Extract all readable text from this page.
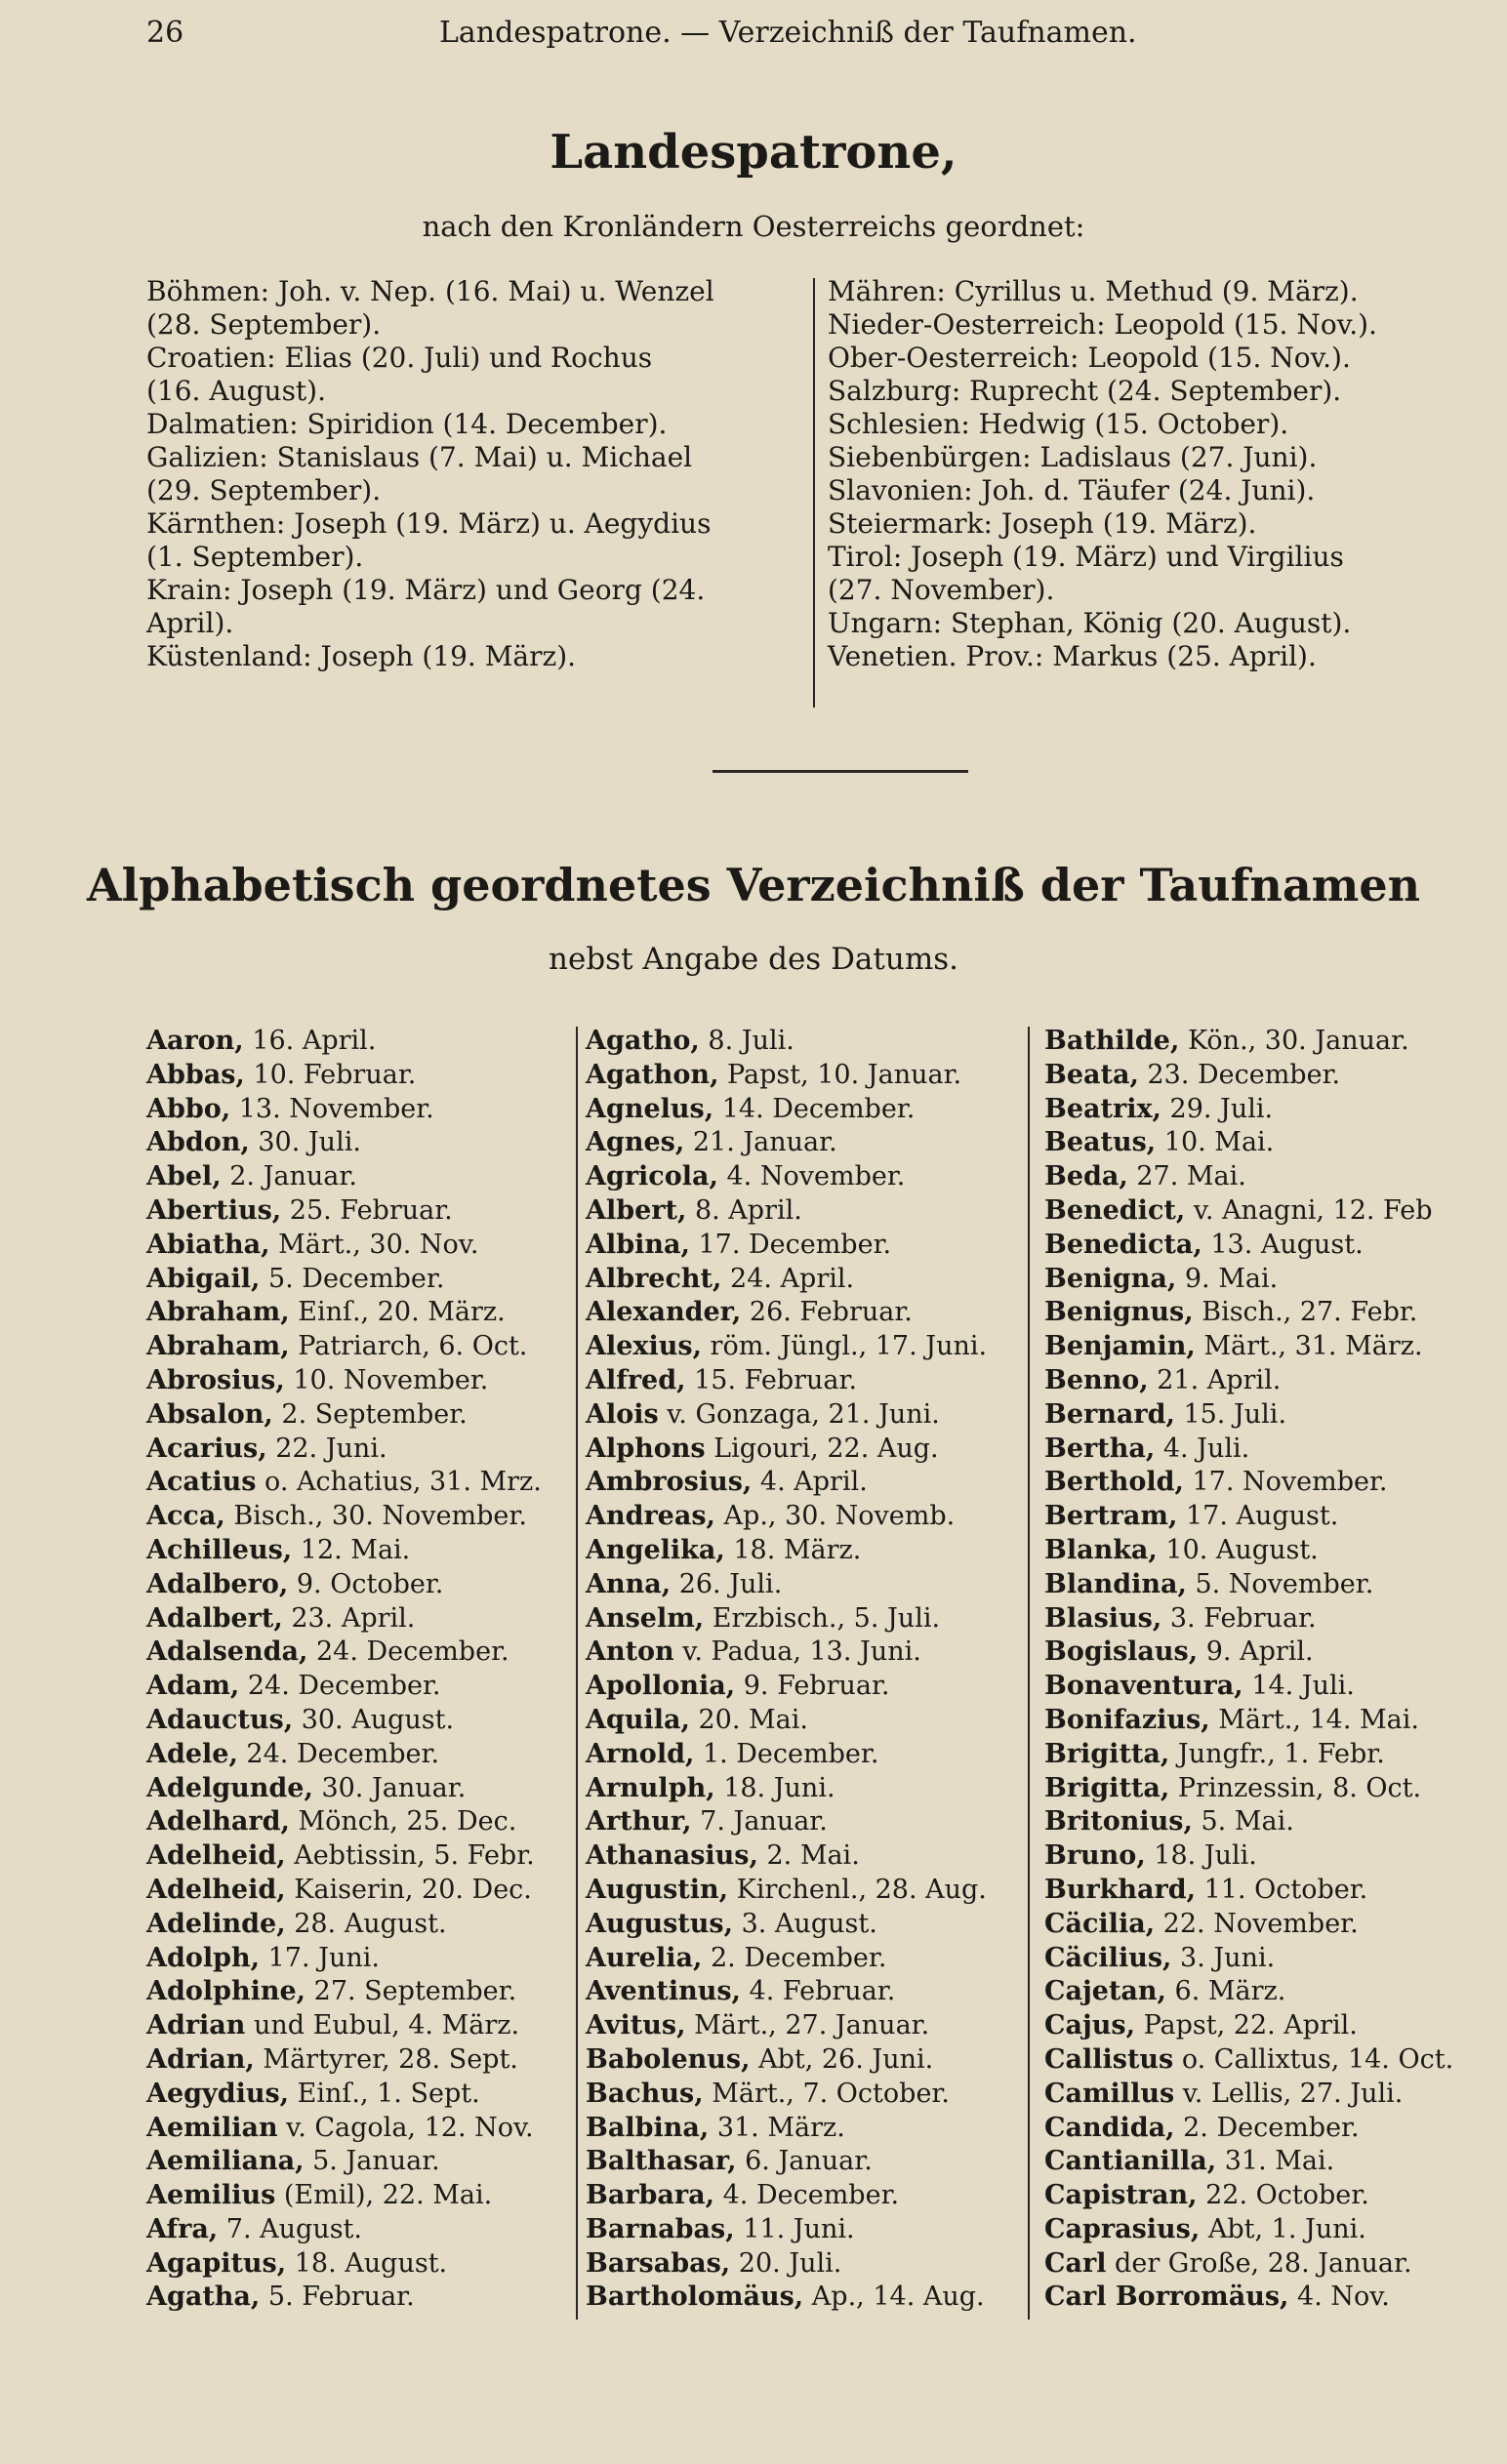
26	Landespatrone. — Verzeichniß der Taufnamen.
Landespatrone,
nach den Kronländern Oesterreichs geordnet:
Böhmen: Joh. v. Nep. (16. Mai) u. Wenzel
(28. September).
Croatien: Elias (20. Juli) und Rochus
(16. August).
Dalmatien: Spiridion (14. December).
Galizien: Stanislaus (7. Mai) u. Michael
(29. September).
Kärnthen: Joseph (19. März) u. Aegydius
(1. September).
Krain: Joseph (19. März) und Georg (24.
April).
Küstenland: Joseph (19. März).
Mähren: Cyrillus u. Methud (9. März).
Nieder-Oesterreich: Leopold (15. Nov.).
Ober-Oesterreich: Leopold (15. Nov.).
Salzburg: Ruprecht (24. September).
Schlesien: Hedwig (15. October).
Siebenbürgen: Ladislaus (27. Juni).
Slavonien: Joh. d. Täufer (24. Juni).
Steiermark: Joseph (19. März).
Tirol: Joseph (19. März) und Virgilius
(27. November).
Ungarn: Stephan, König (20. August).
Venetien. Prov.: Markus (25. April).
Alphabetisch geordnetes Verzeichniß der Taufnamen
nebst Angabe des Datums.
Aaron, 16. April.
Abbas, 10. Februar.
Abbo, 13. November.
Abdon, 30. Juli.
Abel, 2. Januar.
Abertius, 25. Februar.
Abiatha, Märt., 30. Nov.
Abigail, 5. December.
Abraham, Einſ., 20. März.
Abraham, Patriarch, 6. Oct.
Abrosius, 10. November.
Absalon, 2. September.
Acarius, 22. Juni.
Acatius o. Achatius, 31. Mrz.
Acca, Bisch., 30. November.
Achilleus, 12. Mai.
Adalbero, 9. October.
Adalbert, 23. April.
Adalsenda, 24. December.
Adam, 24. December.
Adauctus, 30. August.
Adele, 24. December.
Adelgunde, 30. Januar.
Adelhard, Mönch, 25. Dec.
Adelheid, Aebtissin, 5. Febr.
Adelheid, Kaiserin, 20. Dec.
Adelinde, 28. August.
Adolph, 17. Juni.
Adolphine, 27. September.
Adrian und Eubul, 4. März.
Adrian, Märtyrer, 28. Sept.
Aegydius, Einſ., 1. Sept.
Aemilian v. Cagola, 12. Nov.
Aemiliana, 5. Januar.
Aemilius (Emil), 22. Mai.
Afra, 7. August.
Agapitus, 18. August.
Agatha, 5. Februar.
Agatho, 8. Juli.
Agathon, Papst, 10. Januar.
Agnelus, 14. December.
Agnes, 21. Januar.
Agricola, 4. November.
Albert, 8. April.
Albina, 17. December.
Albrecht, 24. April.
Alexander, 26. Februar.
Alexius, röm. Jüngl., 17. Juni.
Alfred, 15. Februar.
Alois v. Gonzaga, 21. Juni.
Alphons Ligouri, 22. Aug.
Ambrosius, 4. April.
Andreas, Ap., 30. Novemb.
Angelika, 18. März.
Anna, 26. Juli.
Anselm, Erzbisch., 5. Juli.
Anton v. Padua, 13. Juni.
Apollonia, 9. Februar.
Aquila, 20. Mai.
Arnold, 1. December.
Arnulph, 18. Juni.
Arthur, 7. Januar.
Athanasius, 2. Mai.
Augustin, Kirchenl., 28. Aug.
Augustus, 3. August.
Aurelia, 2. December.
Aventinus, 4. Februar.
Avitus, Märt., 27. Januar.
Babolenus, Abt, 26. Juni.
Bachus, Märt., 7. October.
Balbina, 31. März.
Balthasar, 6. Januar.
Barbara, 4. December.
Barnabas, 11. Juni.
Barsabas, 20. Juli.
Bartholomäus, Ap., 14. Aug.
Bathilde, Kön., 30. Januar.
Beata, 23. December.
Beatrix, 29. Juli.
Beatus, 10. Mai.
Beda, 27. Mai.
Benedict, v. Anagni, 12. Feb
Benedicta, 13. August.
Benigna, 9. Mai.
Benignus, Bisch., 27. Febr.
Benjamin, Märt., 31. März.
Benno, 21. April.
Bernard, 15. Juli.
Bertha, 4. Juli.
Berthold, 17. November.
Bertram, 17. August.
Blanka, 10. August.
Blandina, 5. November.
Blasius, 3. Februar.
Bogislaus, 9. April.
Bonaventura, 14. Juli.
Bonifazius, Märt., 14. Mai.
Brigitta, Jungfr., 1. Febr.
Brigitta, Prinzessin, 8. Oct.
Britonius, 5. Mai.
Bruno, 18. Juli.
Burkhard, 11. October.
Cäcilia, 22. November.
Cäcilius, 3. Juni.
Cajetan, 6. März.
Cajus, Papst, 22. April.
Callistus o. Callixtus, 14. Oct.
Camillus v. Lellis, 27. Juli.
Candida, 2. December.
Cantianilla, 31. Mai.
Capistran, 22. October.
Caprasius, Abt, 1. Juni.
Carl der Große, 28. Januar.
Carl Borromäus, 4. Nov.
